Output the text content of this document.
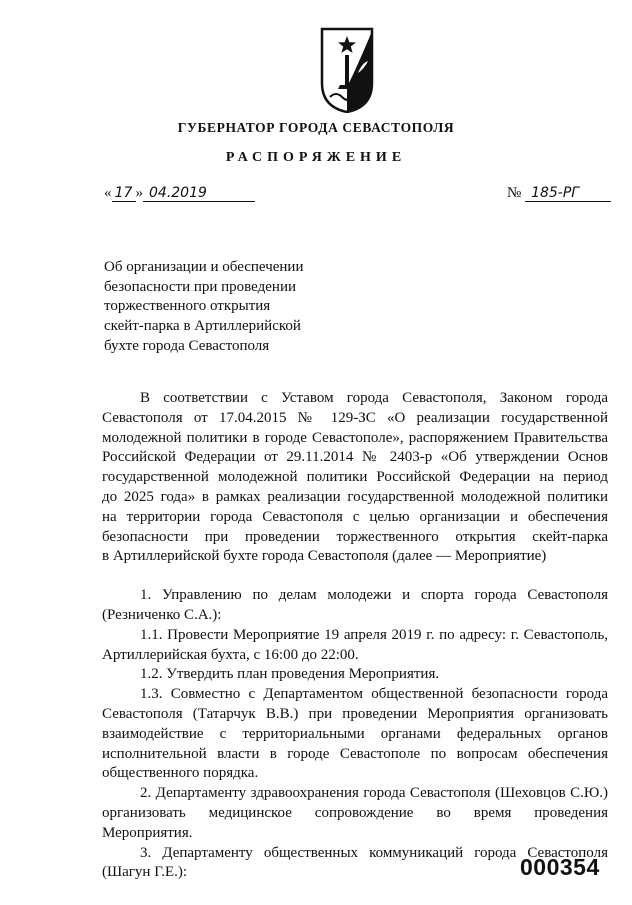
ГУБЕРНАТОР ГОРОДА СЕВАСТОПОЛЯ
РАСПОРЯЖЕНИЕ
« 17 » 04.2019	№ 185-РГ
Об организации и обеспечении
безопасности при проведении
торжественного открытия
скейт-парка в Артиллерийской
бухте города Севастополя

В соответствии с Уставом города Севастополя, Законом города

Севастополя от 17.04.2015 № 129-ЗС «О реализации государственной

молодежной политики в городе Севастополе», распоряжением Правительства

Российской Федерации от 29.11.2014 № 2403-р «Об утверждении Основ

государственной молодежной политики Российской Федерации на период

до 2025 года» в рамках реализации государственной молодежной политики

на территории города Севастополя с целью организации и обеспечения

безопасности при проведении торжественного открытия скейт-парка

в Артиллерийской бухте города Севастополя (далее — Мероприятие)

1. Управлению по делам молодежи и спорта города Севастополя

(Резниченко С.А.):

1.1. Провести Мероприятие 19 апреля 2019 г. по адресу: г. Севастополь,

Артиллерийская бухта, с 16:00 до 22:00.

1.2. Утвердить план проведения Мероприятия.

1.3. Совместно с Департаментом общественной безопасности города

Севастополя (Татарчук В.В.) при проведении Мероприятия организовать

взаимодействие с территориальными органами федеральных органов

исполнительной власти в городе Севастополе по вопросам обеспечения

общественного порядка.

2. Департаменту здравоохранения города Севастополя (Шеховцов С.Ю.)

организовать медицинское сопровождение во время проведения

Мероприятия.

3. Департаменту общественных коммуникаций города Севастополя

(Шагун Г.Е.):	000354
